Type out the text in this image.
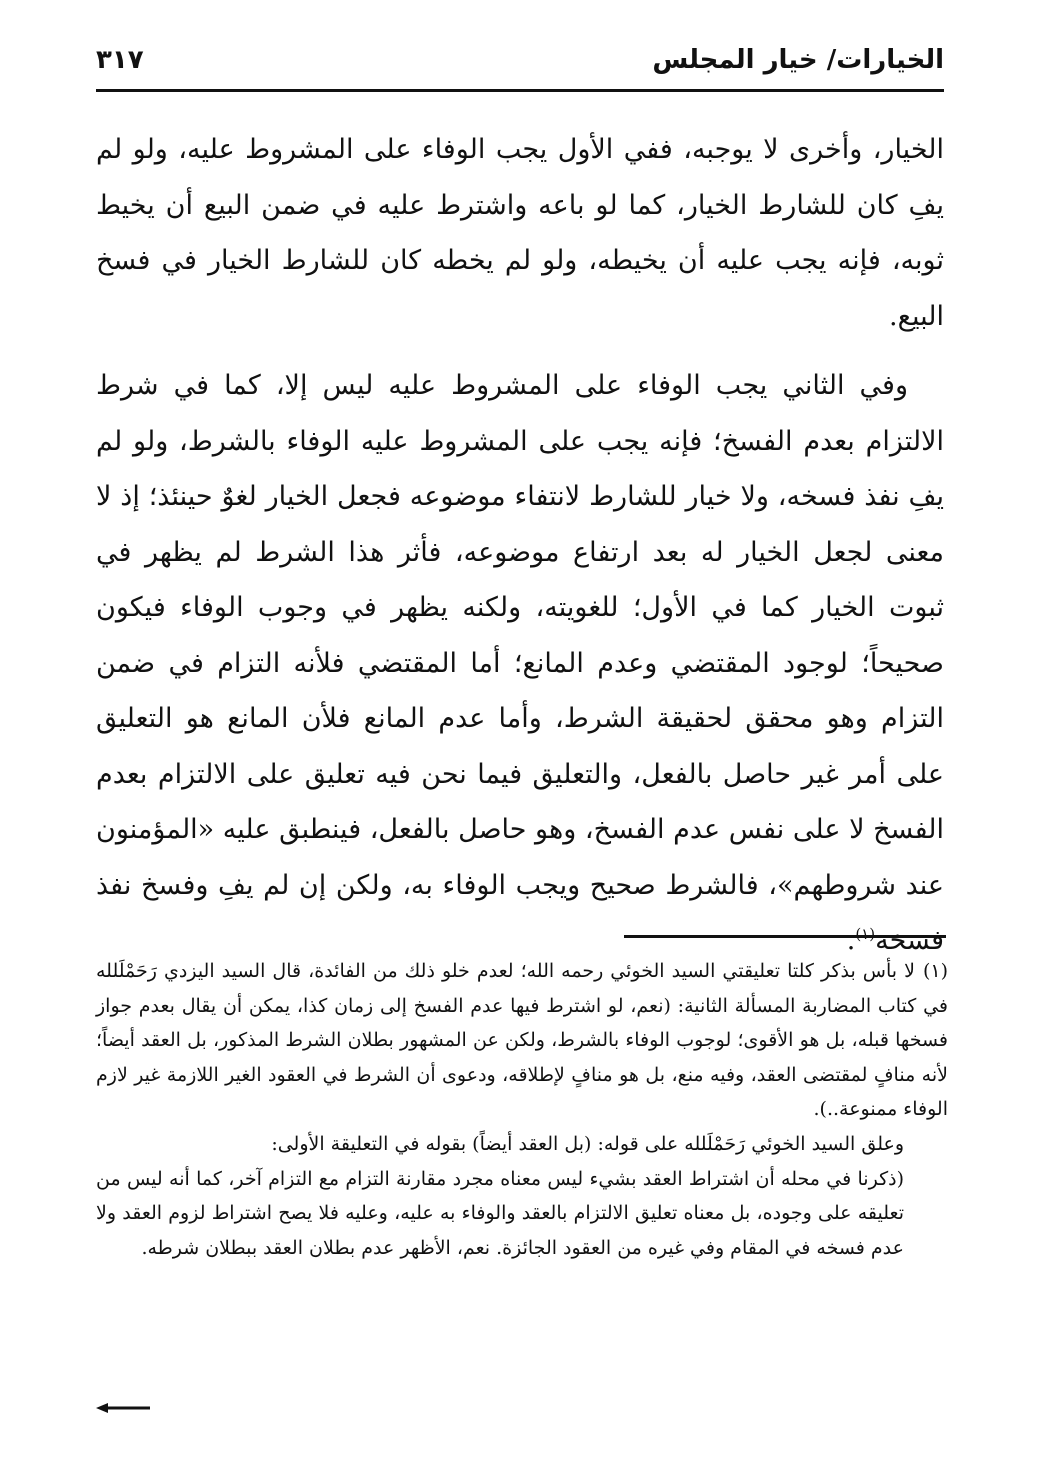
الخيارات/ خيار المجلس
٣١٧

الخيار، وأخرى لا يوجبه، ففي الأول يجب الوفاء على المشروط عليه، ولو لم يفِ كان للشارط الخيار، كما لو باعه واشترط عليه في ضمن البيع أن يخيط ثوبه، فإنه يجب عليه أن يخيطه، ولو لم يخطه كان للشارط الخيار في فسخ البيع.

وفي الثاني يجب الوفاء على المشروط عليه ليس إلا، كما في شرط الالتزام بعدم الفسخ؛ فإنه يجب على المشروط عليه الوفاء بالشرط، ولو لم يفِ نفذ فسخه، ولا خيار للشارط لانتفاء موضوعه فجعل الخيار لغوٌ حينئذ؛ إذ لا معنى لجعل الخيار له بعد ارتفاع موضوعه، فأثر هذا الشرط لم يظهر في ثبوت الخيار كما في الأول؛ للغويته، ولكنه يظهر في وجوب الوفاء فيكون صحيحاً؛ لوجود المقتضي وعدم المانع؛ أما المقتضي فلأنه التزام في ضمن التزام وهو محقق لحقيقة الشرط، وأما عدم المانع فلأن المانع هو التعليق على أمر غير حاصل بالفعل، والتعليق فيما نحن فيه تعليق على الالتزام بعدم الفسخ لا على نفس عدم الفسخ، وهو حاصل بالفعل، فينطبق عليه «المؤمنون عند شروطهم»، فالشرط صحيح ويجب الوفاء به، ولكن إن لم يفِ وفسخ نفذ فسخه$^{(١)}$.

(١)لا بأس بذكر كلتا تعليقتي السيد الخوئي رحمه الله؛ لعدم خلو ذلك من الفائدة، قال السيد اليزدي رَحَمْلَلله في كتاب المضاربة المسألة الثانية: (نعم، لو اشترط فيها عدم الفسخ إلى زمان كذا، يمكن أن يقال بعدم جواز فسخها قبله، بل هو الأقوى؛ لوجوب الوفاء بالشرط، ولكن عن المشهور بطلان الشرط المذكور، بل العقد أيضاً؛ لأنه منافٍ لمقتضى العقد، وفيه منع، بل هو منافٍ لإطلاقه، ودعوى أن الشرط في العقود الغير اللازمة غير لازم الوفاء ممنوعة..).

وعلق السيد الخوئي رَحَمْلَلله على قوله: (بل العقد أيضاً) بقوله في التعليقة الأولى:

(ذكرنا في محله أن اشتراط العقد بشيء ليس معناه مجرد مقارنة التزام مع التزام آخر، كما أنه ليس من تعليقه على وجوده، بل معناه تعليق الالتزام بالعقد والوفاء به عليه، وعليه فلا يصح اشتراط لزوم العقد ولا عدم فسخه في المقام وفي غيره من العقود الجائزة. نعم، الأظهر عدم بطلان العقد ببطلان شرطه.
